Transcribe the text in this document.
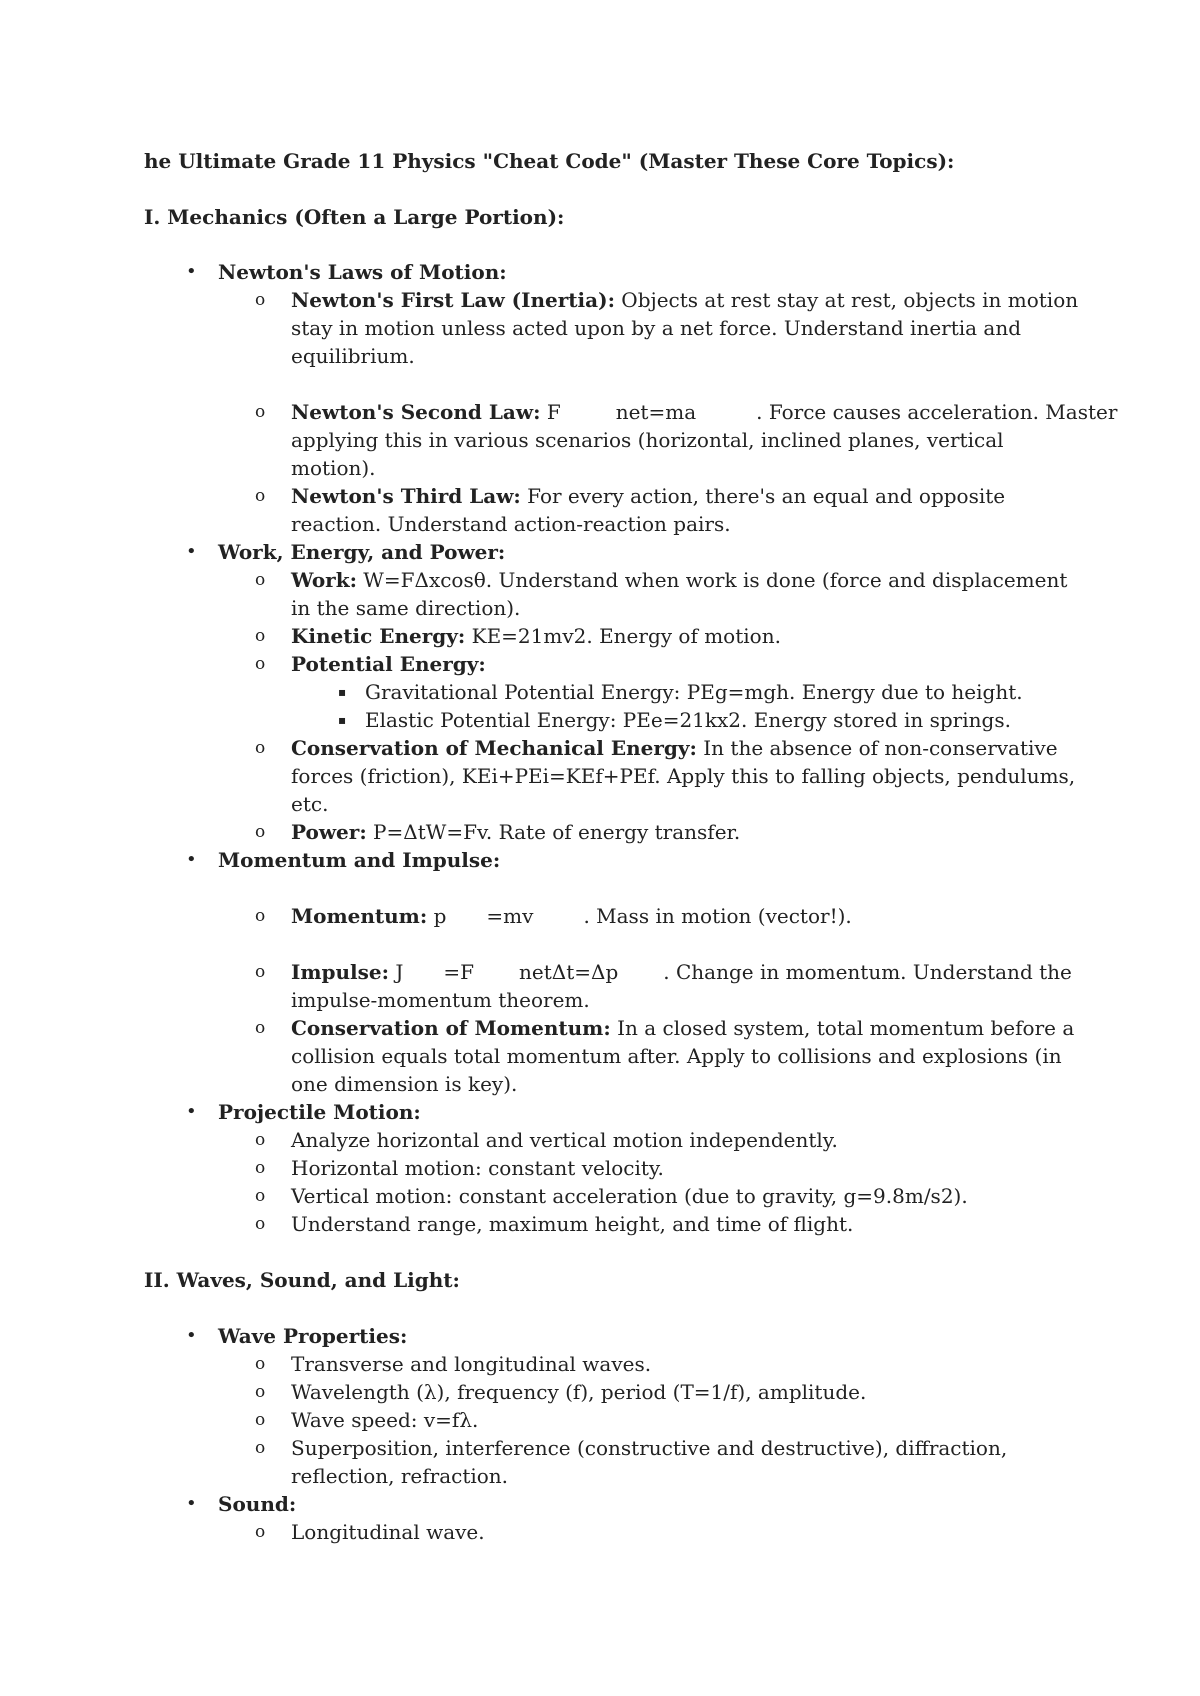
he Ultimate Grade 11 Physics "Cheat Code" (Master These Core Topics):
I. Mechanics (Often a Large Portion):
• Newton's Laws of Motion:
o Newton's First Law (Inertia): Objects at rest stay at rest, objects in motion
stay in motion unless acted upon by a net force. Understand inertia and
equilibrium.
o Newton's Second Law: F	net=ma	. Force causes acceleration. Master
applying this in various scenarios (horizontal, inclined planes, vertical
motion).
o Newton's Third Law: For every action, there's an equal and opposite
reaction. Understand action-reaction pairs.
• Work, Energy, and Power:
o Work: W=FΔxcosθ. Understand when work is done (force and displacement
in the same direction).
o Kinetic Energy: KE=21mv2. Energy of motion.
o Potential Energy:
▪ Gravitational Potential Energy: PEg=mgh. Energy due to height.
▪ Elastic Potential Energy: PEe=21kx2. Energy stored in springs.
o Conservation of Mechanical Energy: In the absence of non-conservative
forces (friction), KEi+PEi=KEf+PEf. Apply this to falling objects, pendulums,
etc.
o Power: P=ΔtW=Fv. Rate of energy transfer.
• Momentum and Impulse:
o Momentum: p =mv	. Mass in motion (vector!).
o Impulse: J =F netΔt=Δp . Change in momentum. Understand the
impulse-momentum theorem.
o Conservation of Momentum: In a closed system, total momentum before a
collision equals total momentum after. Apply to collisions and explosions (in
one dimension is key).
• Projectile Motion:
o Analyze horizontal and vertical motion independently.
o Horizontal motion: constant velocity.
o Vertical motion: constant acceleration (due to gravity, g=9.8m/s2).
o Understand range, maximum height, and time of flight.
II. Waves, Sound, and Light:
• Wave Properties:
o Transverse and longitudinal waves.
o Wavelength (λ), frequency (f), period (T=1/f), amplitude.
o Wave speed: v=fλ.
o Superposition, interference (constructive and destructive), diffraction,
reflection, refraction.
• Sound:
o Longitudinal wave.
